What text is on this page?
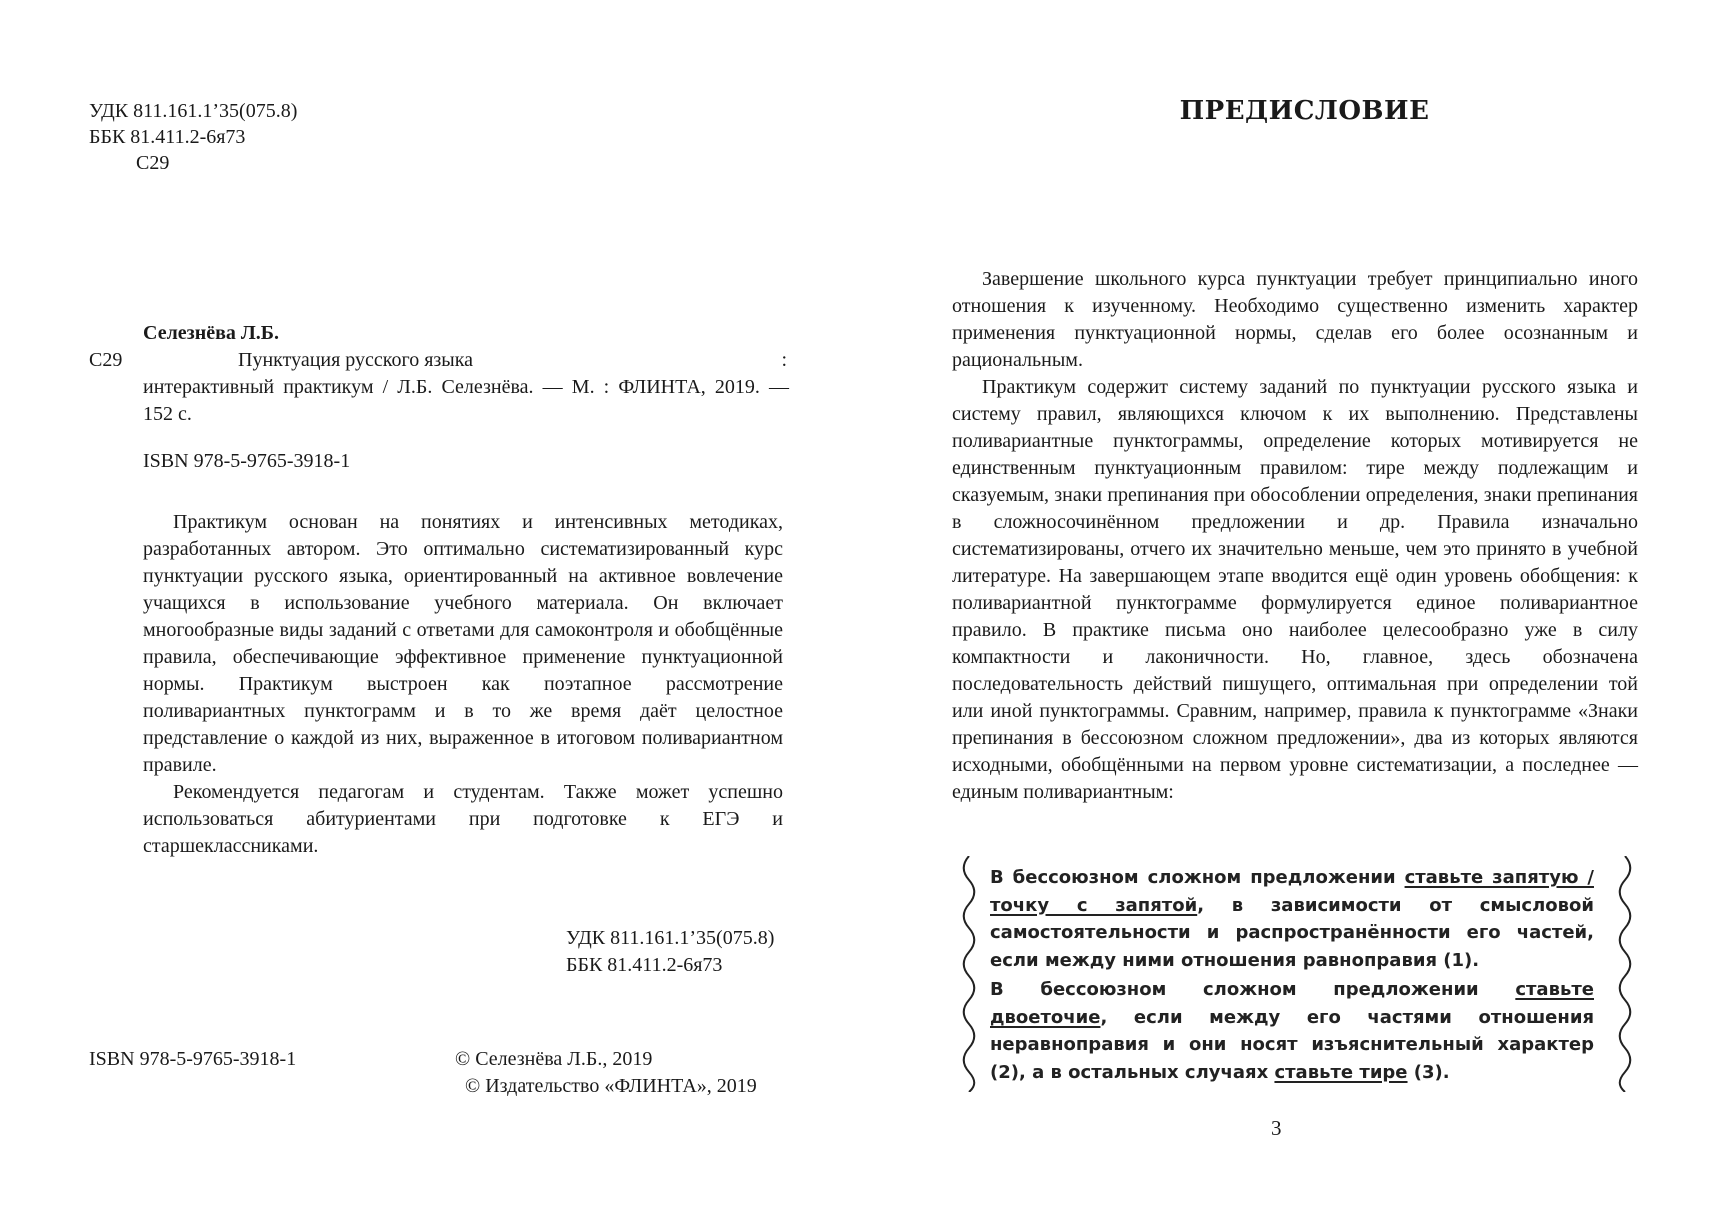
УДК 811.161.1’35(075.8)
ББК 81.411.2-6я73
С29
Селезнёва Л.Б.
С29	Пунктуация русского языка	:
интерактивный практикум / Л.Б. Селезнёва. — М. : ФЛИНТА, 2019. —
152 с.
ISBN 978-5-9765-3918-1

Практикум основан на понятиях и интенсивных методиках, разработанных автором. Это оптимально систематизированный курс пунктуации русского языка, ориентированный на активное вовлечение учащихся в использование учебного материала. Он включает многообразные виды заданий с ответами для самоконтроля и обобщённые правила, обеспечивающие эффективное применение пунктуационной нормы. Практикум выстроен как поэтапное рассмотрение поливариантных пунктограмм и в то же время даёт целостное представление о каждой из них, выраженное в итоговом поливариантном правиле.

Рекомендуется педагогам и студентам. Также может успешно использоваться абитуриентами при подготовке к ЕГЭ и старшеклассниками.

УДК 811.161.1’35(075.8)
ББК 81.411.2-6я73
ISBN 978-5-9765-3918-1	© Селезнёва Л.Б., 2019
© Издательство «ФЛИНТА», 2019
ПРЕДИСЛОВИЕ

Завершение школьного курса пунктуации требует принципиально иного отношения к изученному. Необходимо существенно изменить характер применения пунктуационной нормы, сделав его более осознанным и рациональным.

Практикум содержит систему заданий по пунктуации русского языка и систему правил, являющихся ключом к их выполнению. Представлены поливариантные пунктограммы, определение которых мотивируется не единственным пунктуационным правилом: тире между подлежащим и сказуемым, знаки препинания при обособлении определения, знаки препинания в сложносочинённом предложении и др. Правила изначально систематизированы, отчего их значительно меньше, чем это принято в учебной литературе. На завершающем этапе вводится ещё один уровень обобщения: к поливариантной пунктограмме формулируется единое поливариантное правило. В практике письма оно наиболее целесообразно уже в силу компактности и лаконичности. Но, главное, здесь обозначена последовательность действий пишущего, оптимальная при определении той или иной пунктограммы. Сравним, например, правила к пунктограмме «Знаки препинания в бессоюзном сложном предложении», два из которых являются исходными, обобщёнными на первом уровне систематизации, а последнее — единым поливариантным:

В бессоюзном сложном предложении ставьте запятую / точку с запятой, в зависимости от смысловой самостоятельности и распространённости его частей, если между ними отношения равноправия (1).

В бессоюзном сложном предложении ставьте двоеточие, если между его частями отношения неравноправия и они носят изъяснительный характер (2), а в остальных случаях ставьте тире (3).

3
